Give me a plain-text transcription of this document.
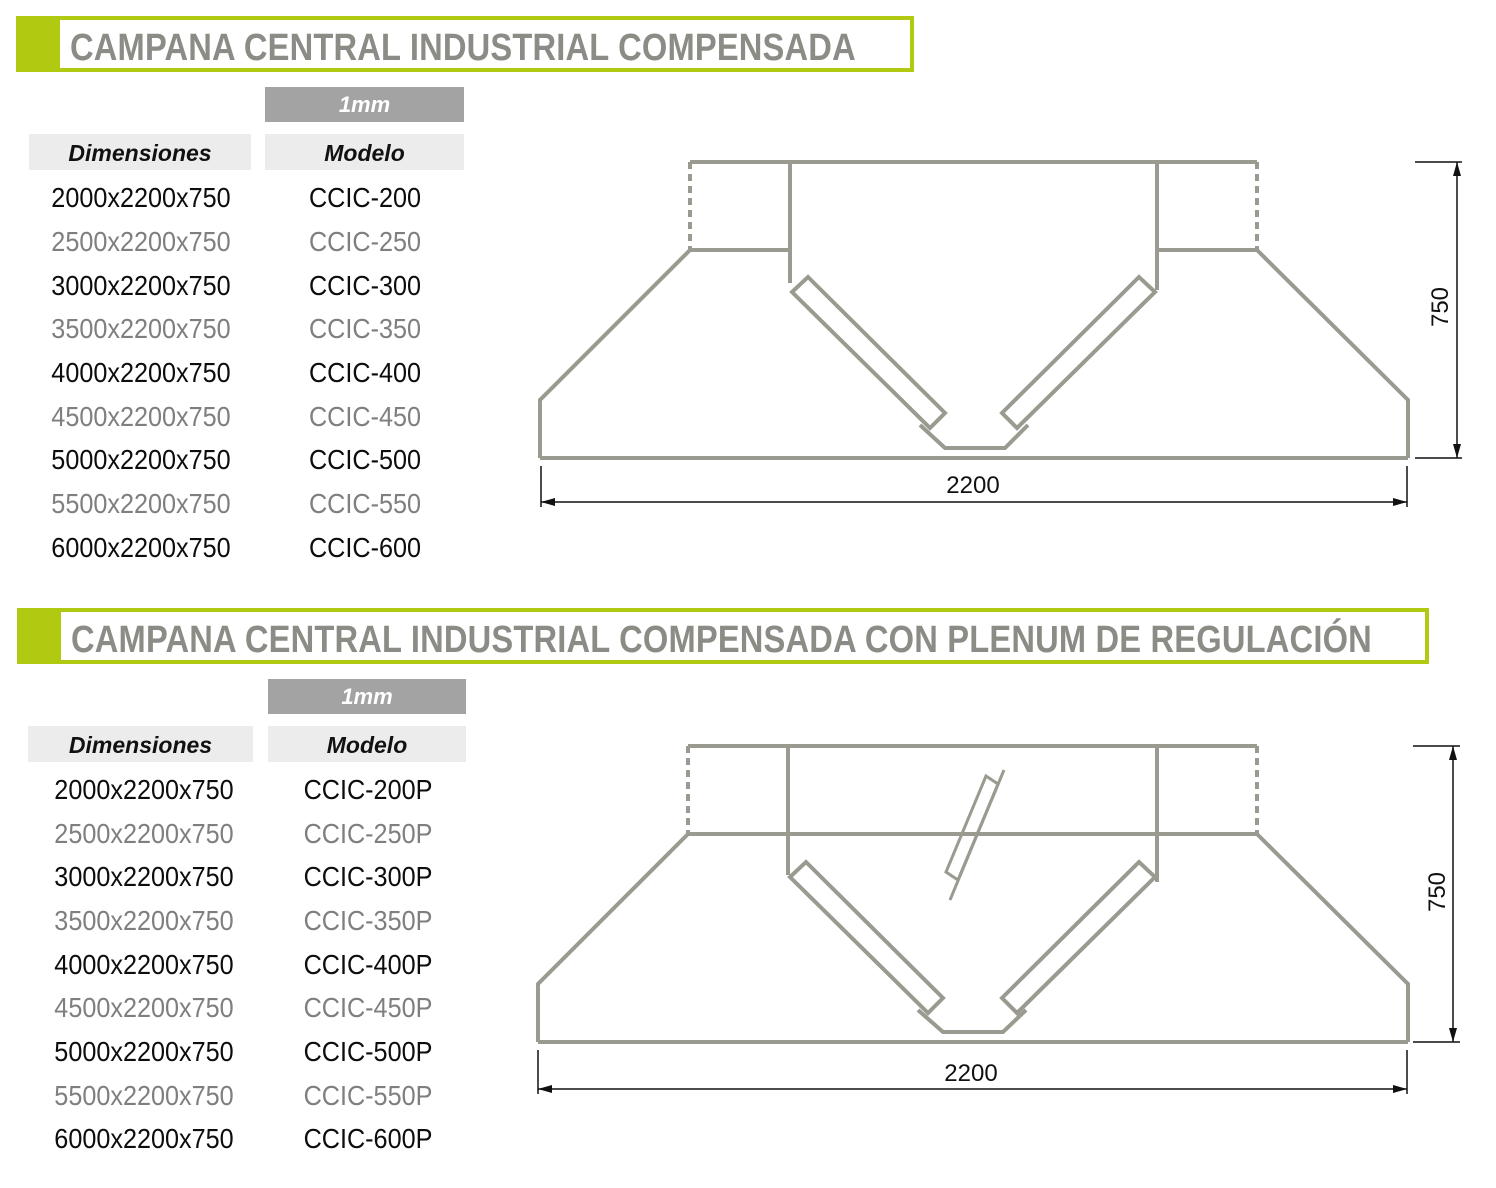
CAMPANA CENTRAL INDUSTRIAL COMPENSADA
1mm
Dimensiones	Modelo
2000x2200x750	CCIC-200
2500x2200x750	CCIC-250
3000x2200x750	CCIC-300
3500x2200x750	CCIC-350
4000x2200x750	CCIC-400
4500x2200x750	CCIC-450
5000x2200x750	CCIC-500
5500x2200x750	CCIC-550
6000x2200x750	CCIC-600
2200
750
CAMPANA CENTRAL INDUSTRIAL COMPENSADA CON PLENUM DE REGULACIÓN
1mm
Dimensiones	Modelo
2000x2200x750	CCIC-200P
2500x2200x750	CCIC-250P
3000x2200x750	CCIC-300P
3500x2200x750	CCIC-350P
4000x2200x750	CCIC-400P
4500x2200x750	CCIC-450P
5000x2200x750	CCIC-500P
5500x2200x750	CCIC-550P
6000x2200x750	CCIC-600P
2200
750
